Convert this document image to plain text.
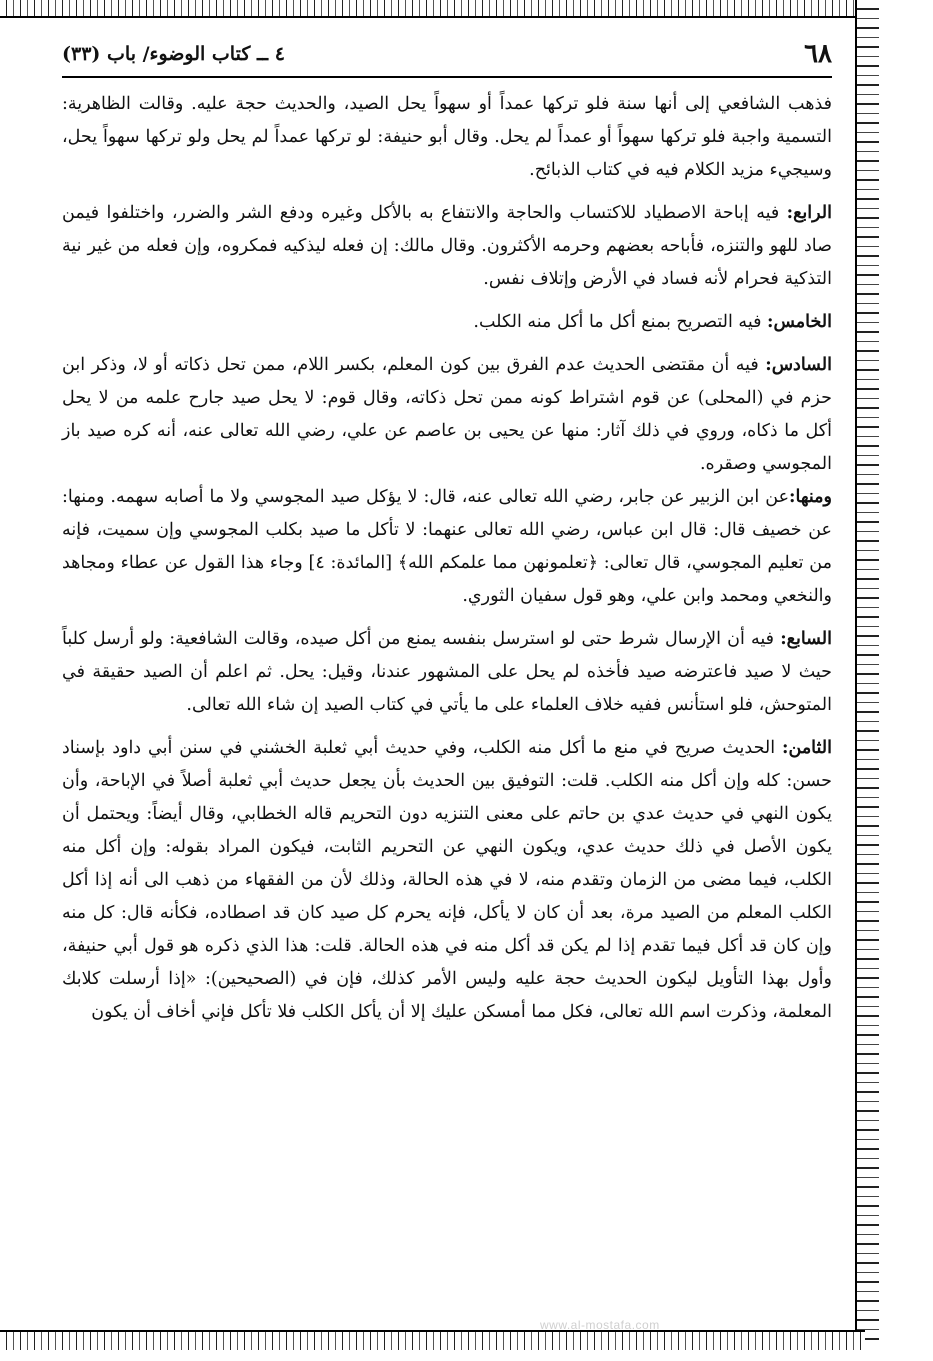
www.al-mostafa.com
٦٨
٤ ــ كتاب الوضوء/ باب (٣٣)

فذهب الشافعي إلى أنها سنة فلو تركها عمداً أو سهواً يحل الصيد، والحديث حجة عليه. وقالت الظاهرية: التسمية واجبة فلو تركها سهواً أو عمداً لم يحل. وقال أبو حنيفة: لو تركها عمداً لم يحل ولو تركها سهواً يحل، وسيجيء مزيد الكلام فيه في كتاب الذبائح.

الرابع: فيه إباحة الاصطياد للاكتساب والحاجة والانتفاع به بالأكل وغيره ودفع الشر والضرر، واختلفوا فيمن صاد للهو والتنزه، فأباحه بعضهم وحرمه الأكثرون. وقال مالك: إن فعله ليذكيه فمكروه، وإن فعله من غير نية التذكية فحرام لأنه فساد في الأرض وإتلاف نفس.

الخامس: فيه التصريح بمنع أكل ما أكل منه الكلب.

السادس: فيه أن مقتضى الحديث عدم الفرق بين كون المعلم، بكسر اللام، ممن تحل ذكاته أو لا، وذكر ابن حزم في (المحلى) عن قوم اشتراط كونه ممن تحل ذكاته، وقال قوم: لا يحل صيد جارح علمه من لا يحل أكل ما ذكاه، وروي في ذلك آثار: منها عن يحيى بن عاصم عن علي، رضي الله تعالى عنه، أنه كره صيد باز المجوسي وصقره.

ومنها:عن ابن الزبير عن جابر، رضي الله تعالى عنه، قال: لا يؤكل صيد المجوسي ولا ما أصابه سهمه. ومنها: عن خصيف قال: قال ابن عباس، رضي الله تعالى عنهما: لا تأكل ما صيد بكلب المجوسي وإن سميت، فإنه من تعليم المجوسي، قال تعالى: ﴿تعلمونهن مما علمكم الله﴾ [المائدة: ٤] وجاء هذا القول عن عطاء ومجاهد والنخعي ومحمد وابن علي، وهو قول سفيان الثوري.

السابع: فيه أن الإرسال شرط حتى لو استرسل بنفسه يمنع من أكل صيده، وقالت الشافعية: ولو أرسل كلباً حيث لا صيد فاعترضه صيد فأخذه لم يحل على المشهور عندنا، وقيل: يحل. ثم اعلم أن الصيد حقيقة في المتوحش، فلو استأنس ففيه خلاف العلماء على ما يأتي في كتاب الصيد إن شاء الله تعالى.

الثامن: الحديث صريح في منع ما أكل منه الكلب، وفي حديث أبي ثعلبة الخشني في سنن أبي داود بإسناد حسن: كله وإن أكل منه الكلب. قلت: التوفيق بين الحديث بأن يجعل حديث أبي ثعلبة أصلاً في الإباحة، وأن يكون النهي في حديث عدي بن حاتم على معنى التنزيه دون التحريم قاله الخطابي، وقال أيضاً: ويحتمل أن يكون الأصل في ذلك حديث عدي، ويكون النهي عن التحريم الثابت، فيكون المراد بقوله: وإن أكل منه الكلب، فيما مضى من الزمان وتقدم منه، لا في هذه الحالة، وذلك لأن من الفقهاء من ذهب الى أنه إذا أكل الكلب المعلم من الصيد مرة، بعد أن كان لا يأكل، فإنه يحرم كل صيد كان قد اصطاده، فكأنه قال: كل منه وإن كان قد أكل فيما تقدم إذا لم يكن قد أكل منه في هذه الحالة. قلت: هذا الذي ذكره هو قول أبي حنيفة، وأول بهذا التأويل ليكون الحديث حجة عليه وليس الأمر كذلك، فإن في (الصحيحين): «إذا أرسلت كلابك المعلمة، وذكرت اسم الله تعالى، فكل مما أمسكن عليك إلا أن يأكل الكلب فلا تأكل فإني أخاف أن يكون
